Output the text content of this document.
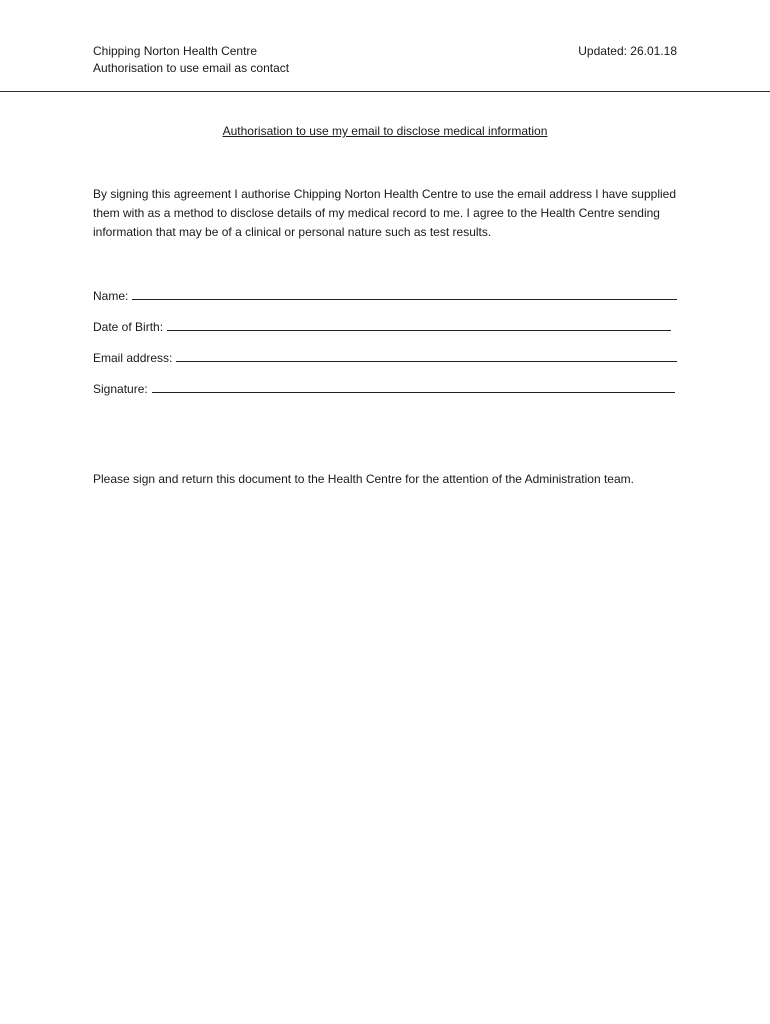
Chipping Norton Health Centre
Authorisation to use email as contact
Updated: 26.01.18
Authorisation to use my email to disclose medical information
By signing this agreement I authorise Chipping Norton Health Centre to use the email address I have supplied them with as a method to disclose details of my medical record to me. I agree to the Health Centre sending information that may be of a clinical or personal nature such as test results.
Name:
Date of Birth:
Email address:
Signature:
Please sign and return this document to the Health Centre for the attention of the Administration team.
